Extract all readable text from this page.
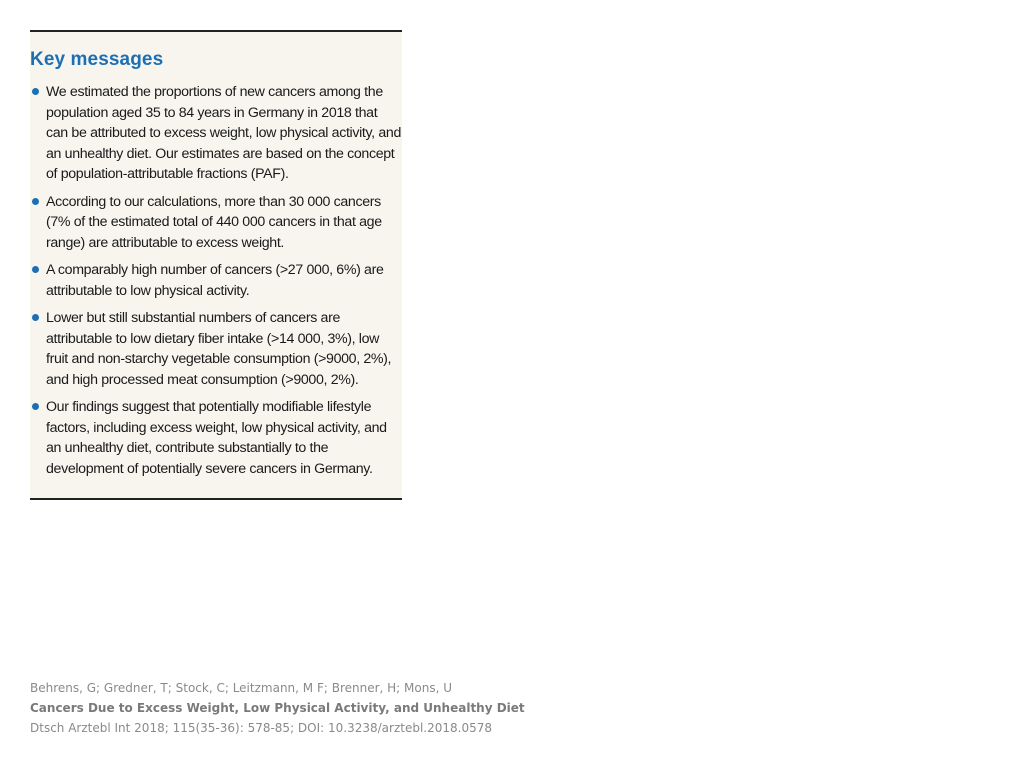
Key messages
We estimated the proportions of new cancers among the population aged 35 to 84 years in Germany in 2018 that can be attributed to excess weight, low physical activity, and an unhealthy diet. Our estimates are based on the concept of population-attributable fractions (PAF).
According to our calculations, more than 30 000 cancers (7% of the estimated total of 440 000 cancers in that age range) are attributable to excess weight.
A comparably high number of cancers (>27 000, 6%) are attributable to low physical activity.
Lower but still substantial numbers of cancers are attributable to low dietary fiber intake (>14 000, 3%), low fruit and non-starchy vegetable consumption (>9000, 2%), and high processed meat consumption (>9000, 2%).
Our findings suggest that potentially modifiable lifestyle factors, including excess weight, low physical activity, and an unhealthy diet, contribute substantially to the development of potentially severe cancers in Germany.
Behrens, G; Gredner, T; Stock, C; Leitzmann, M F; Brenner, H; Mons, U
Cancers Due to Excess Weight, Low Physical Activity, and Unhealthy Diet
Dtsch Arztebl Int 2018; 115(35-36): 578-85; DOI: 10.3238/arztebl.2018.0578
